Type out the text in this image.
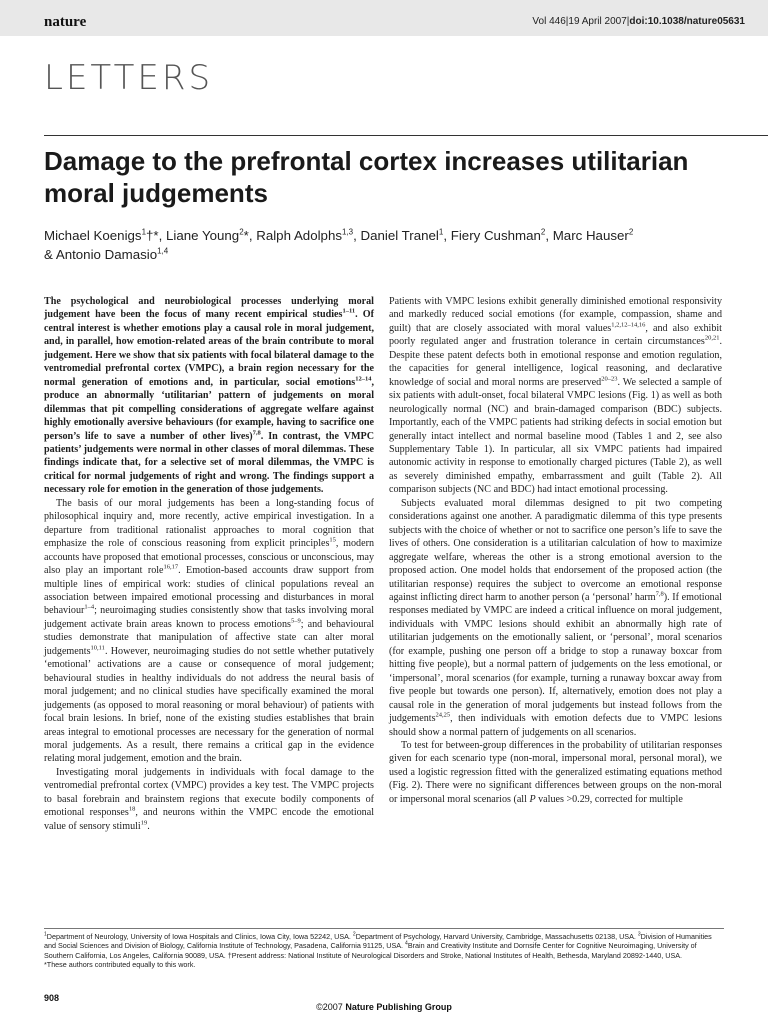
nature	Vol 446|19 April 2007|doi:10.1038/nature05631
LETTERS
Damage to the prefrontal cortex increases utilitarian moral judgements
Michael Koenigs$^1$†*, Liane Young$^2$*, Ralph Adolphs$^{1,3}$, Daniel Tranel$^1$, Fiery Cushman$^2$, Marc Hauser$^2$
& Antonio Damasio$^{1,4}$

The psychological and neurobiological processes underlying moral judgement have been the focus of many recent empirical studies$^{1-11}$. Of central interest is whether emotions play a causal role in moral judgement, and, in parallel, how emotion-related areas of the brain contribute to moral judgement. Here we show that six patients with focal bilateral damage to the ventromedial prefrontal cortex (VMPC), a brain region necessary for the normal generation of emotions and, in particular, social emotions$^{12-14}$, produce an abnormally ‘utilitarian’ pattern of judgements on moral dilemmas that pit compelling considerations of aggregate welfare against highly emotionally aversive behaviours (for example, having to sacrifice one person’s life to save a number of other lives)$^{7,8}$. In contrast, the VMPC patients’ judgements were normal in other classes of moral dilemmas. These findings indicate that, for a selective set of moral dilemmas, the VMPC is critical for normal judgements of right and wrong. The findings support a necessary role for emotion in the generation of those judgements.

The basis of our moral judgements has been a long-standing focus of philosophical inquiry and, more recently, active empirical investigation. In a departure from traditional rationalist approaches to moral cognition that emphasize the role of conscious reasoning from explicit principles$^{15}$, modern accounts have proposed that emotional processes, conscious or unconscious, may also play an important role$^{16,17}$. Emotion-based accounts draw support from multiple lines of empirical work: studies of clinical populations reveal an association between impaired emotional processing and disturbances in moral behaviour$^{1-4}$; neuroimaging studies consistently show that tasks involving moral judgement activate brain areas known to process emotions$^{5-9}$; and behavioural studies demonstrate that manipulation of affective state can alter moral judgements$^{10,11}$. However, neuroimaging studies do not settle whether putatively ‘emotional’ activations are a cause or consequence of moral judgement; behavioural studies in healthy individuals do not address the neural basis of moral judgement; and no clinical studies have specifically examined the moral judgements (as opposed to moral reasoning or moral behaviour) of patients with focal brain lesions. In brief, none of the existing studies establishes that brain areas integral to emotional processes are necessary for the generation of normal moral judgements. As a result, there remains a critical gap in the evidence relating moral judgement, emotion and the brain.

Investigating moral judgements in individuals with focal damage to the ventromedial prefrontal cortex (VMPC) provides a key test. The VMPC projects to basal forebrain and brainstem regions that execute bodily components of emotional responses$^{18}$, and neurons within the VMPC encode the emotional value of sensory stimuli$^{19}$.

Patients with VMPC lesions exhibit generally diminished emotional responsivity and markedly reduced social emotions (for example, compassion, shame and guilt) that are closely associated with moral values$^{1,2,12-14,16}$, and also exhibit poorly regulated anger and frustration tolerance in certain circumstances$^{20,21}$. Despite these patent defects both in emotional response and emotion regulation, the capacities for general intelligence, logical reasoning, and declarative knowledge of social and moral norms are preserved$^{20-23}$. We selected a sample of six patients with adult-onset, focal bilateral VMPC lesions (Fig. 1) as well as both neurologically normal (NC) and brain-damaged comparison (BDC) subjects. Importantly, each of the VMPC patients had striking defects in social emotion but generally intact intellect and normal baseline mood (Tables 1 and 2, see also Supplementary Table 1). In particular, all six VMPC patients had impaired autonomic activity in response to emotionally charged pictures (Table 2), as well as severely diminished empathy, embarrassment and guilt (Table 2). All comparison subjects (NC and BDC) had intact emotional processing.

Subjects evaluated moral dilemmas designed to pit two competing considerations against one another. A paradigmatic dilemma of this type presents subjects with the choice of whether or not to sacrifice one person’s life to save the lives of others. One consideration is a utilitarian calculation of how to maximize aggregate welfare, whereas the other is a strong emotional aversion to the proposed action. One model holds that endorsement of the proposed action (the utilitarian response) requires the subject to overcome an emotional response against inflicting direct harm to another person (a ‘personal’ harm$^{7,8}$). If emotional responses mediated by VMPC are indeed a critical influence on moral judgement, individuals with VMPC lesions should exhibit an abnormally high rate of utilitarian judgements on the emotionally salient, or ‘personal’, moral scenarios (for example, pushing one person off a bridge to stop a runaway boxcar from hitting five people), but a normal pattern of judgements on the less emotional, or ‘impersonal’, moral scenarios (for example, turning a runaway boxcar away from five people but towards one person). If, alternatively, emotion does not play a causal role in the generation of moral judgements but instead follows from the judgements$^{24,25}$, then individuals with emotion defects due to VMPC lesions should show a normal pattern of judgements on all scenarios.

To test for between-group differences in the probability of utilitarian responses given for each scenario type (non-moral, impersonal moral, personal moral), we used a logistic regression fitted with the generalized estimating equations method (Fig. 2). There were no significant differences between groups on the non-moral or impersonal moral scenarios (all P values >0.29, corrected for multiple

$^1$Department of Neurology, University of Iowa Hospitals and Clinics, Iowa City, Iowa 52242, USA. $^2$Department of Psychology, Harvard University, Cambridge, Massachusetts 02138, USA. $^3$Division of Humanities and Social Sciences and Division of Biology, California Institute of Technology, Pasadena, California 91125, USA. $^4$Brain and Creativity Institute and Dornsife Center for Cognitive Neuroimaging, University of Southern California, Los Angeles, California 90089, USA. †Present address: National Institute of Neurological Disorders and Stroke, National Institutes of Health, Bethesda, Maryland 20892-1440, USA.
*These authors contributed equally to this work.
908
©2007 Nature Publishing Group
